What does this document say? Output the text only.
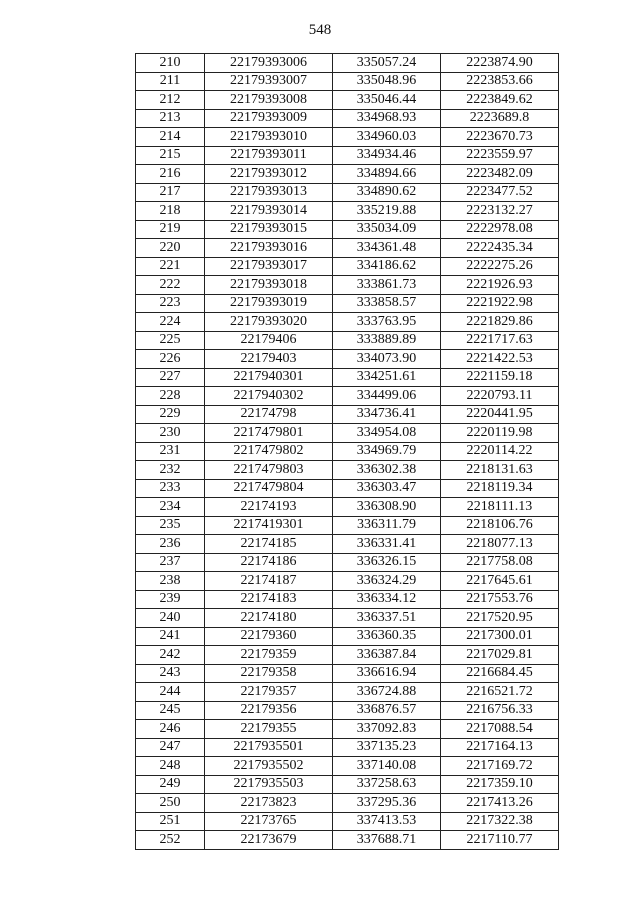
548
210	22179393006	335057.24	2223874.90
211	22179393007	335048.96	2223853.66
212	22179393008	335046.44	2223849.62
213	22179393009	334968.93	2223689.8
214	22179393010	334960.03	2223670.73
215	22179393011	334934.46	2223559.97
216	22179393012	334894.66	2223482.09
217	22179393013	334890.62	2223477.52
218	22179393014	335219.88	2223132.27
219	22179393015	335034.09	2222978.08
220	22179393016	334361.48	2222435.34
221	22179393017	334186.62	2222275.26
222	22179393018	333861.73	2221926.93
223	22179393019	333858.57	2221922.98
224	22179393020	333763.95	2221829.86
225	22179406	333889.89	2221717.63
226	22179403	334073.90	2221422.53
227	2217940301	334251.61	2221159.18
228	2217940302	334499.06	2220793.11
229	22174798	334736.41	2220441.95
230	2217479801	334954.08	2220119.98
231	2217479802	334969.79	2220114.22
232	2217479803	336302.38	2218131.63
233	2217479804	336303.47	2218119.34
234	22174193	336308.90	2218111.13
235	2217419301	336311.79	2218106.76
236	22174185	336331.41	2218077.13
237	22174186	336326.15	2217758.08
238	22174187	336324.29	2217645.61
239	22174183	336334.12	2217553.76
240	22174180	336337.51	2217520.95
241	22179360	336360.35	2217300.01
242	22179359	336387.84	2217029.81
243	22179358	336616.94	2216684.45
244	22179357	336724.88	2216521.72
245	22179356	336876.57	2216756.33
246	22179355	337092.83	2217088.54
247	2217935501	337135.23	2217164.13
248	2217935502	337140.08	2217169.72
249	2217935503	337258.63	2217359.10
250	22173823	337295.36	2217413.26
251	22173765	337413.53	2217322.38
252	22173679	337688.71	2217110.77
